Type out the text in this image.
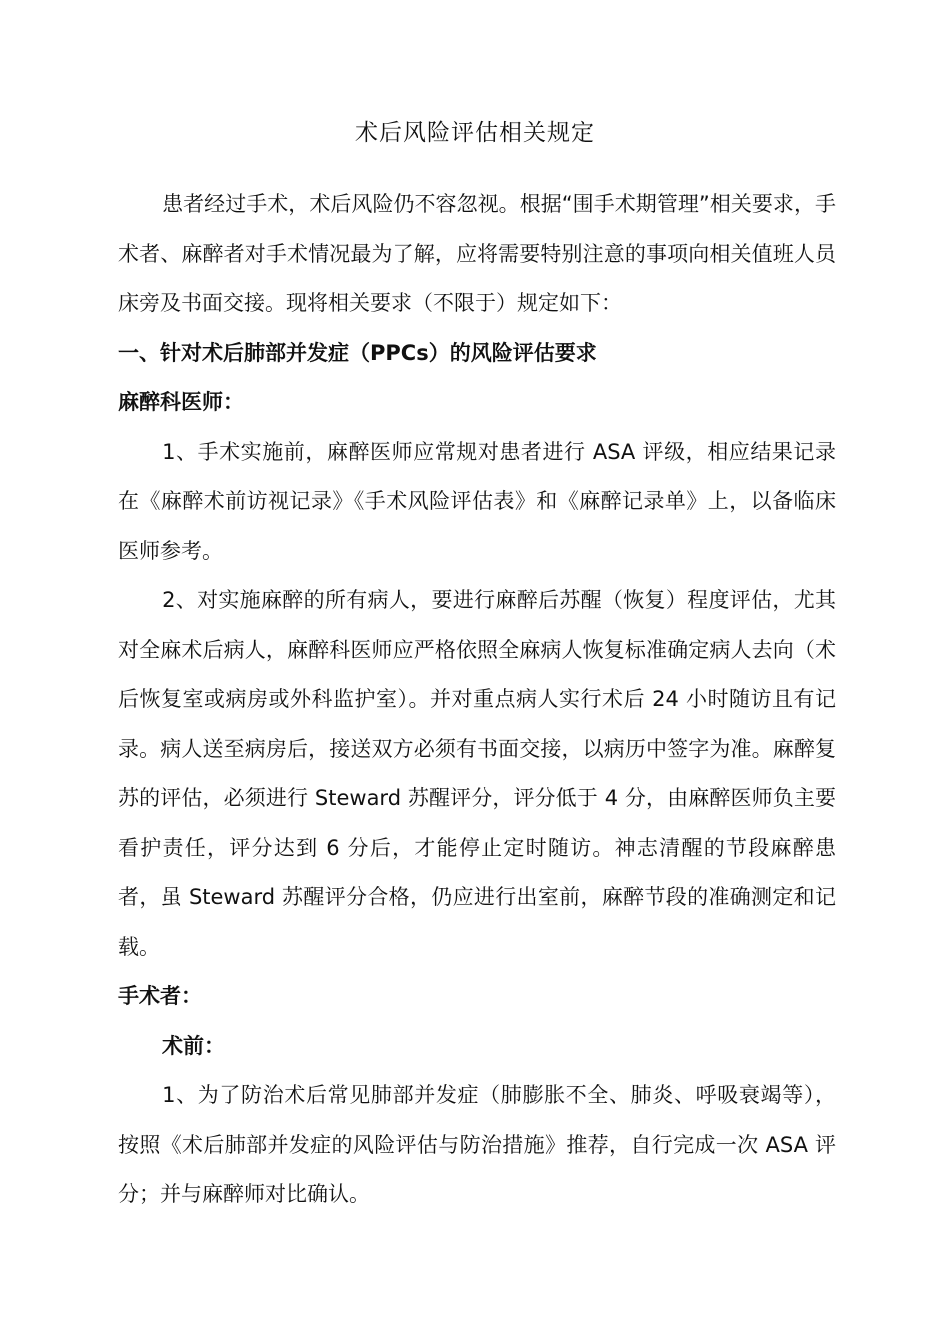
术后风险评估相关规定

患者经过手术，术后风险仍不容忽视。根据“围手术期管理”相关要求，手术者、麻醉者对手术情况最为了解，应将需要特别注意的事项向相关值班人员床旁及书面交接。现将相关要求（不限于）规定如下：

一、针对术后肺部并发症（PPCs）的风险评估要求

麻醉科医师：

1、手术实施前，麻醉医师应常规对患者进行 ASA 评级，相应结果记录在《麻醉术前访视记录》《手术风险评估表》和《麻醉记录单》上，以备临床医师参考。

2、对实施麻醉的所有病人，要进行麻醉后苏醒（恢复）程度评估，尤其对全麻术后病人，麻醉科医师应严格依照全麻病人恢复标准确定病人去向（术后恢复室或病房或外科监护室）。并对重点病人实行术后 24 小时随访且有记录。病人送至病房后，接送双方必须有书面交接，以病历中签字为准。麻醉复苏的评估，必须进行 Steward 苏醒评分，评分低于 4 分，由麻醉医师负主要看护责任，评分达到 6 分后，才能停止定时随访。神志清醒的节段麻醉患者，虽 Steward 苏醒评分合格，仍应进行出室前，麻醉节段的准确测定和记载。

手术者：

术前：

1、为了防治术后常见肺部并发症（肺膨胀不全、肺炎、呼吸衰竭等），按照《术后肺部并发症的风险评估与防治措施》推荐，自行完成一次 ASA 评分；并与麻醉师对比确认。
